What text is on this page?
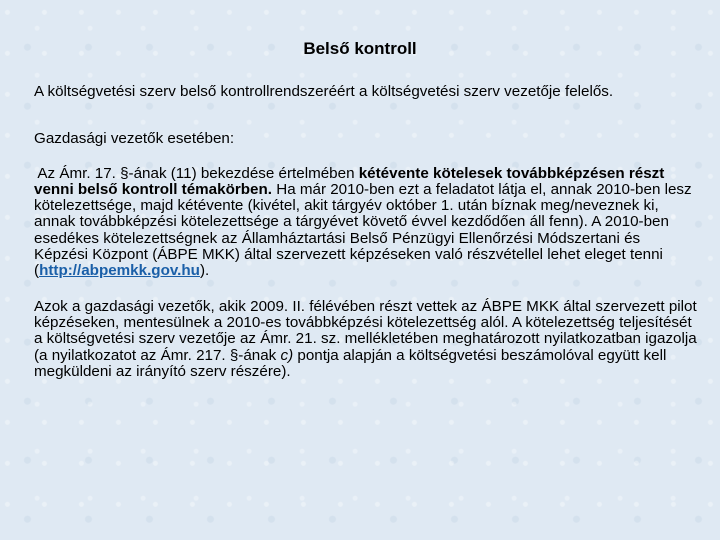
Belső kontroll

A költségvetési szerv belső kontrollrendszeréért a költségvetési szerv vezetője felelős.

Gazdasági vezetők esetében:

Az Ámr. 17. §-ának (11) bekezdése értelmében kétévente kötelesek továbbképzésen részt venni belső kontroll témakörben. Ha már 2010-ben ezt a feladatot látja el, annak 2010-ben lesz kötelezettsége, majd kétévente (kivétel, akit tárgyév október 1. után bíznak meg/neveznek ki, annak továbbképzési kötelezettsége a tárgyévet követő évvel kezdődően áll fenn). A 2010-ben esedékes kötelezettségnek az Államháztartási Belső Pénzügyi Ellenőrzési Módszertani és Képzési Központ (ÁBPE MKK) által szervezett képzéseken való részvétellel lehet eleget tenni (http://abpemkk.gov.hu).

Azok a gazdasági vezetők, akik 2009. II. félévében részt vettek az ÁBPE MKK által szervezett pilot képzéseken, mentesülnek a 2010-es továbbképzési kötelezettség alól. A kötelezettség teljesítését a költségvetési szerv vezetője az Ámr. 21. sz. mellékletében meghatározott nyilatkozatban igazolja (a nyilatkozatot az Ámr. 217. §-ának c) pontja alapján a költségvetési beszámolóval együtt kell megküldeni az irányító szerv részére).
